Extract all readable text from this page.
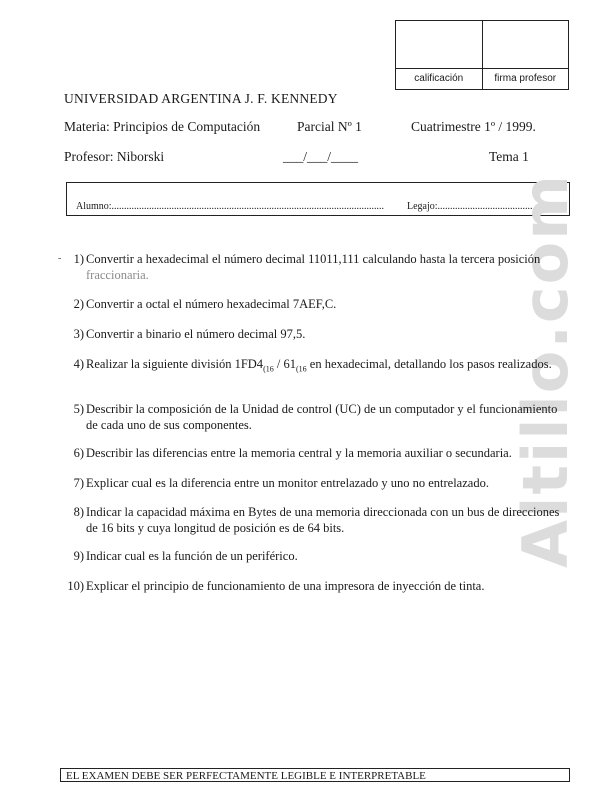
calificación	firma profesor
UNIVERSIDAD ARGENTINA J. F. KENNEDY
Materia: Principios de Computación	Parcial Nº 1	Cuatrimestre 1º / 1999.
Profesor: Niborski	___/___/____	Tema 1
Alumno:............................................................................................................. Legajo:........................................
Altillo.com
- 1) Convertir a hexadecimal el número decimal 11011,111 calculando hasta la tercera posición fraccionaria.
2) Convertir a octal el número hexadecimal 7AEF,C.
3) Convertir a binario el número decimal 97,5.
4) Realizar la siguiente división $1FD4_{(16} / 61_{(16}$ en hexadecimal, detallando los pasos realizados.
5) Describir la composición de la Unidad de control (UC) de un computador y el funcionamiento de cada uno de sus componentes.
6) Describir las diferencias entre la memoria central y la memoria auxiliar o secundaria.
7) Explicar cual es la diferencia entre un monitor entrelazado y uno no entrelazado.
8) Indicar la capacidad máxima en Bytes de una memoria direccionada con un bus de direcciones de 16 bits y cuya longitud de posición es de 64 bits.
9) Indicar cual es la función de un periférico.
10) Explicar el principio de funcionamiento de una impresora de inyección de tinta.
EL EXAMEN DEBE SER PERFECTAMENTE LEGIBLE E INTERPRETABLE
